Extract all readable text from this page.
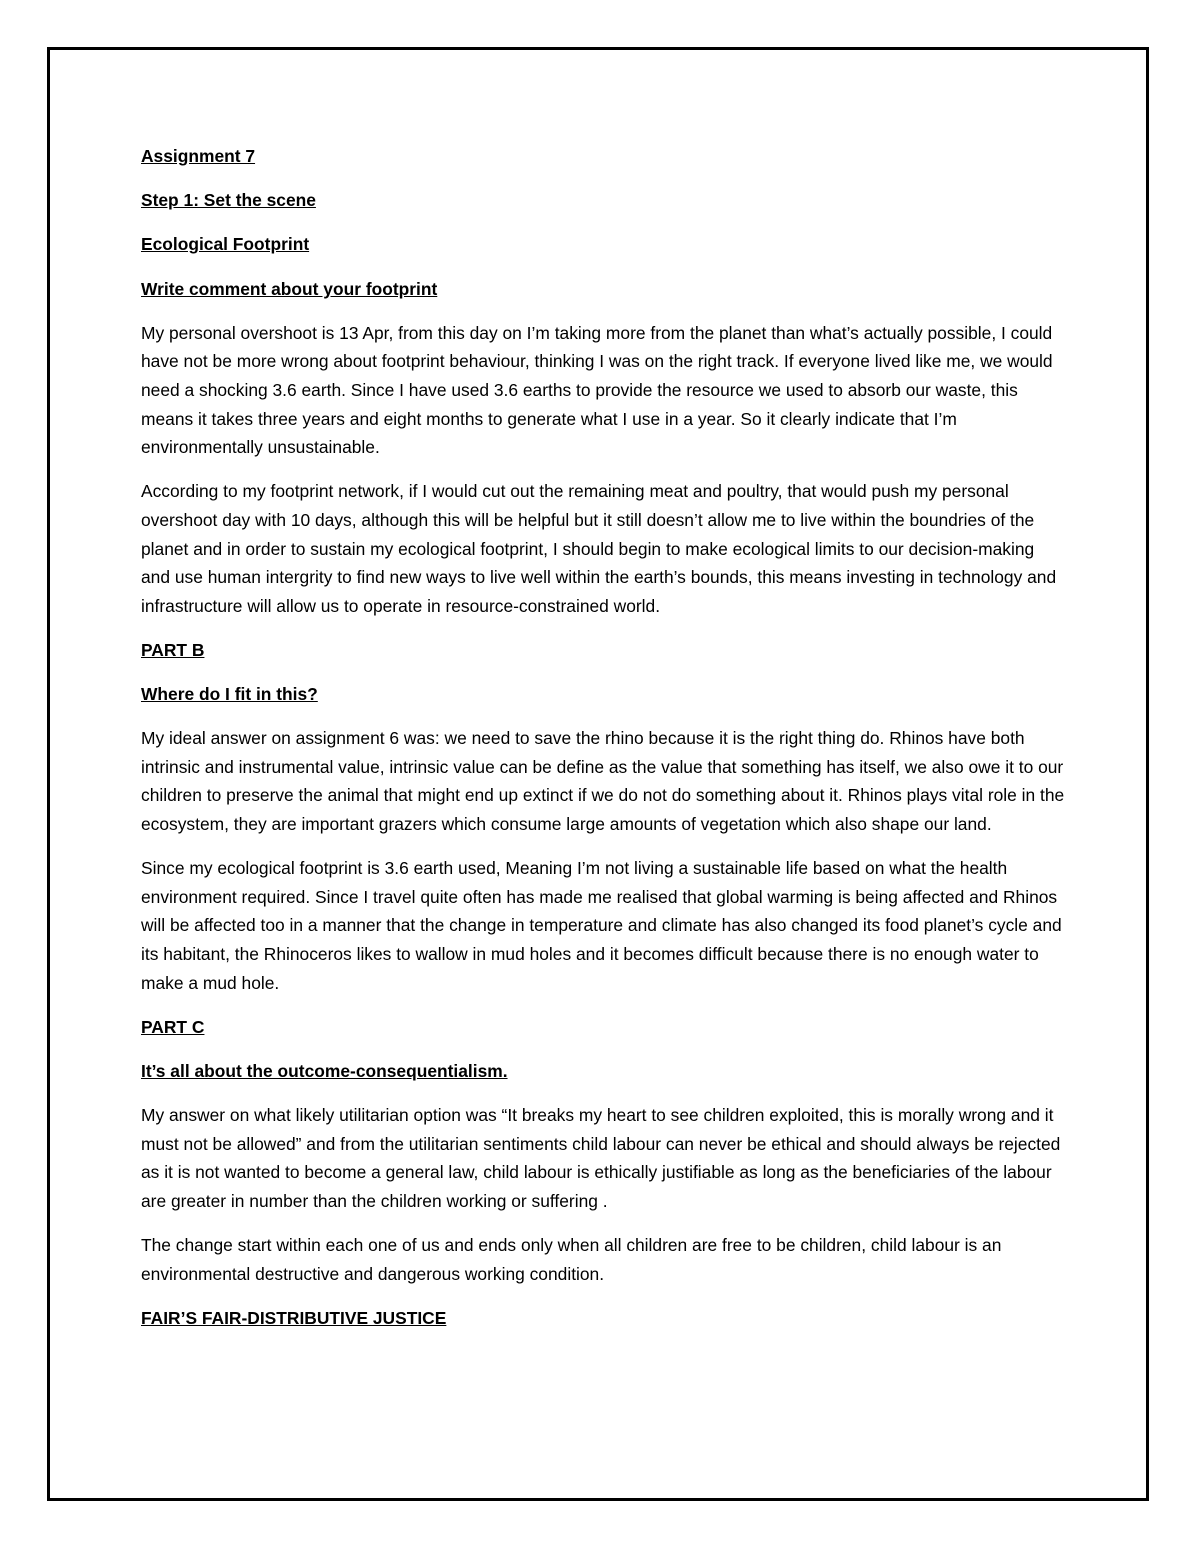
Assignment 7

Step 1: Set the scene

Ecological Footprint

Write comment about your footprint

My personal overshoot is 13 Apr, from this day on I’m taking more from the planet than what’s actually possible, I could have not be more wrong about footprint behaviour, thinking I was on the right track. If everyone lived like me, we would need a shocking 3.6 earth. Since I have used 3.6 earths to provide the resource we used to absorb our waste, this means it takes three years and eight months to generate what I use in a year. So it clearly indicate that I’m environmentally unsustainable.

According to my footprint network, if I would cut out the remaining meat and poultry, that would push my personal overshoot day with 10 days, although this will be helpful but it still doesn’t allow me to live within the boundries of the planet and in order to sustain my ecological footprint, I should begin to make ecological limits to our decision-making and use human intergrity to find new ways to live well within the earth’s bounds, this means investing in technology and infrastructure will allow us to operate in resource-constrained world.

PART B

Where do I fit in this?

My ideal answer on assignment 6 was: we need to save the rhino because it is the right thing do. Rhinos have both intrinsic and instrumental value, intrinsic value can be define as the value that something has itself, we also owe it to our children to preserve the animal that might end up extinct if we do not do something about it. Rhinos plays vital role in the ecosystem, they are important grazers which consume large amounts of vegetation which also shape our land.

Since my ecological footprint is 3.6 earth used, Meaning I’m not living a sustainable life based on what the health environment required. Since I travel quite often has made me realised that global warming is being affected and Rhinos will be affected too in a manner that the change in temperature and climate has also changed its food planet’s cycle and its habitant, the Rhinoceros likes to wallow in mud holes and it becomes difficult because there is no enough water to make a mud hole.

PART C

It’s all about the outcome-consequentialism.

My answer on what likely utilitarian option was “It breaks my heart to see children exploited, this is morally wrong and it must not be allowed” and from the utilitarian sentiments child labour can never be ethical and should always be rejected as it is not wanted to become a general law, child labour is ethically justifiable as long as the beneficiaries of the labour are greater in number than the children working or suffering .

The change start within each one of us and ends only when all children are free to be children, child labour is an environmental destructive and dangerous working condition.

FAIR’S FAIR-DISTRIBUTIVE JUSTICE
